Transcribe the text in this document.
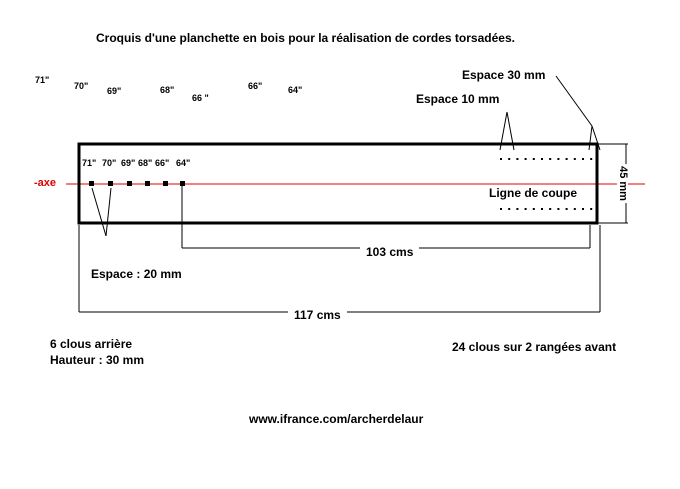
Croquis d'une planchette en bois pour la réalisation de cordes torsadées.
71"
70" 69"	68"
66 "
66"	64"
71" 70" 69" 68" 66" 64"
-axe
Espace 30 mm
Espace 10 mm
Ligne de coupe	45 mm
Espace : 20 mm
103 cms
117 cms
6 clous arrière
Hauteur : 30 mm
24 clous sur 2 rangées avant
www.ifrance.com/archerdelaur
